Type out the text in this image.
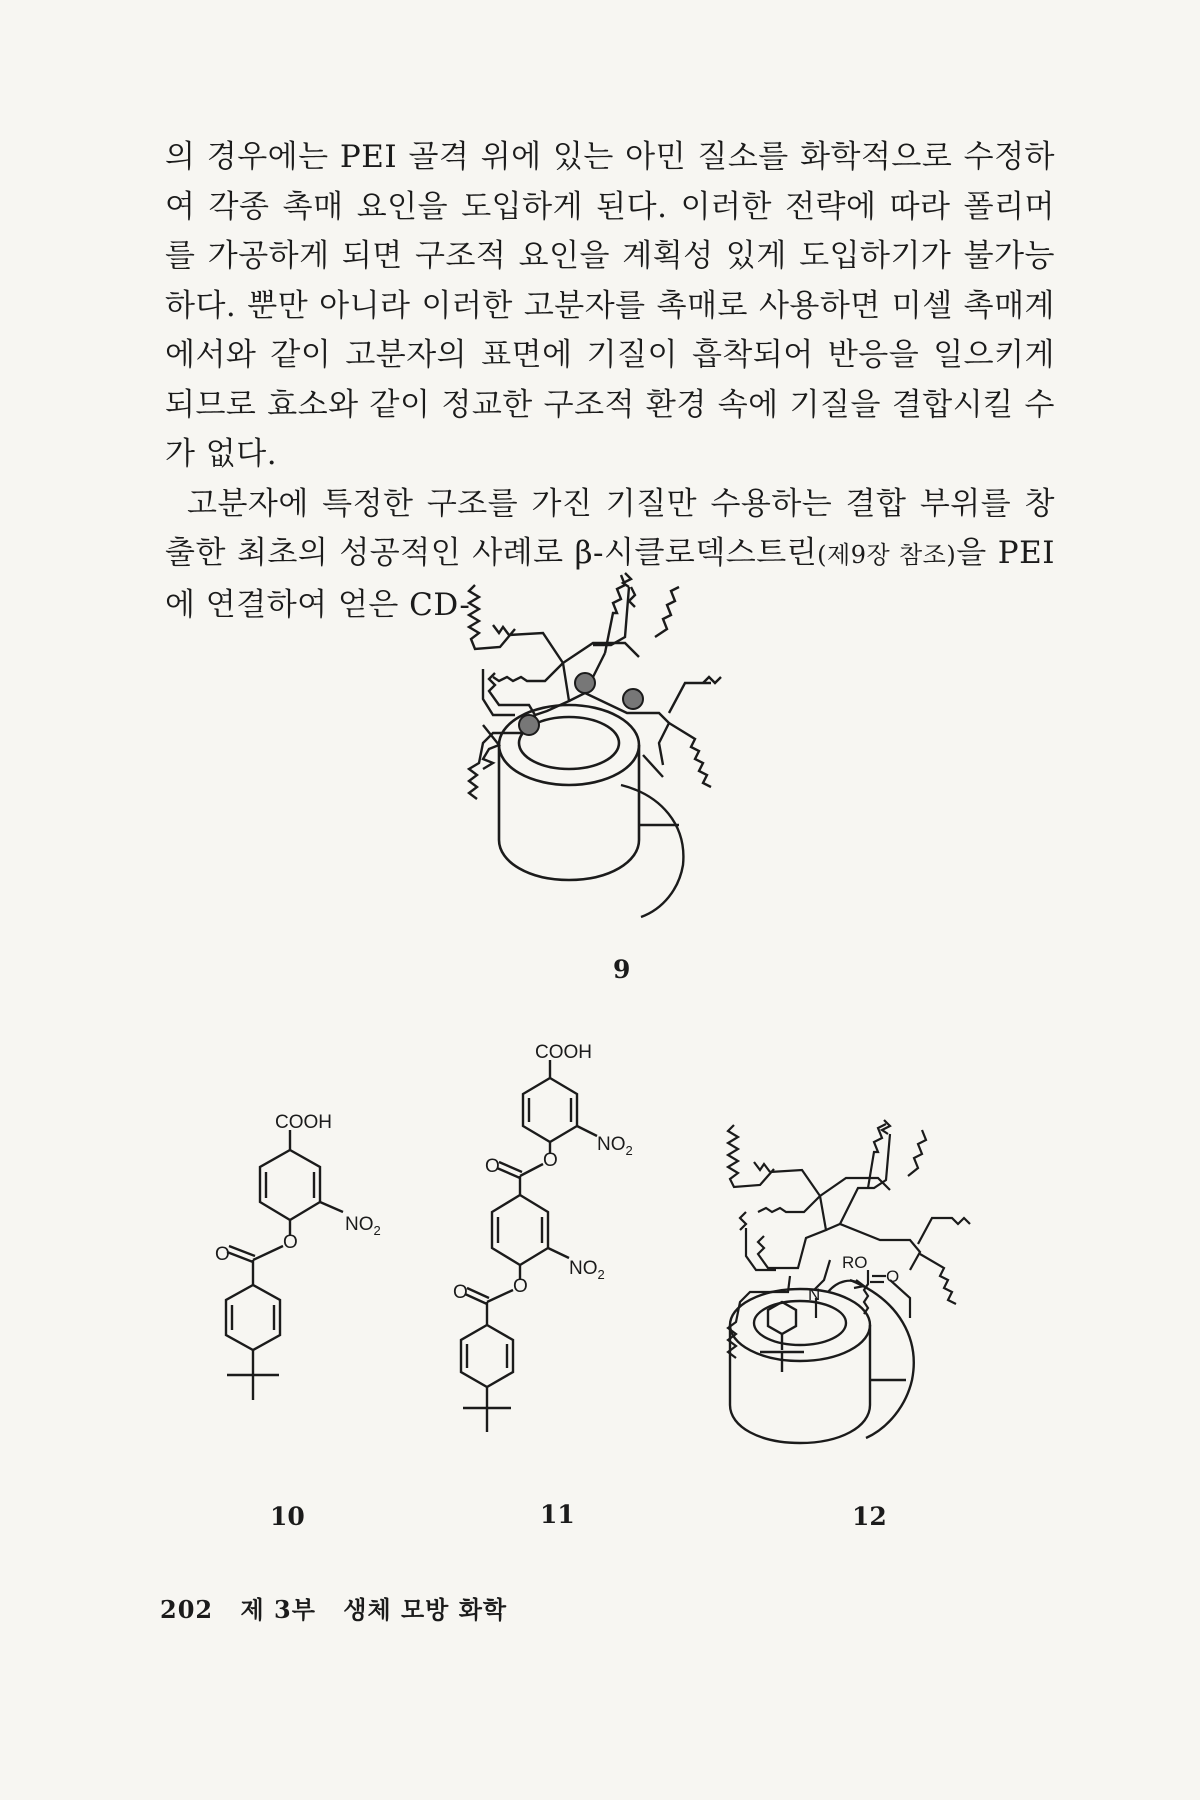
의 경우에는 PEI 골격 위에 있는 아민 질소를 화학적으로 수정하여 각종 촉매 요인을 도입하게 된다. 이러한 전략에 따라 폴리머를 가공하게 되면 구조적 요인을 계획성 있게 도입하기가 불가능하다. 뿐만 아니라 이러한 고분자를 촉매로 사용하면 미셀 촉매계에서와 같이 고분자의 표면에 기질이 흡착되어 반응을 일으키게 되므로 효소와 같이 정교한 구조적 환경 속에 기질을 결합시킬 수가 없다.

고분자에 특정한 구조를 가진 기질만 수용하는 결합 부위를 창출한 최초의 성공적인 사례로 β-시클로덱스트린(제9장 참조)을 PEI에 연결하여 얻은 CD-

9
COOH
$NO_2$
O
O
10
COOH
$NO_2$
O
O
$NO_2$
O
O
11
RO
O
N
12
202 제 3부 생체 모방 화학
